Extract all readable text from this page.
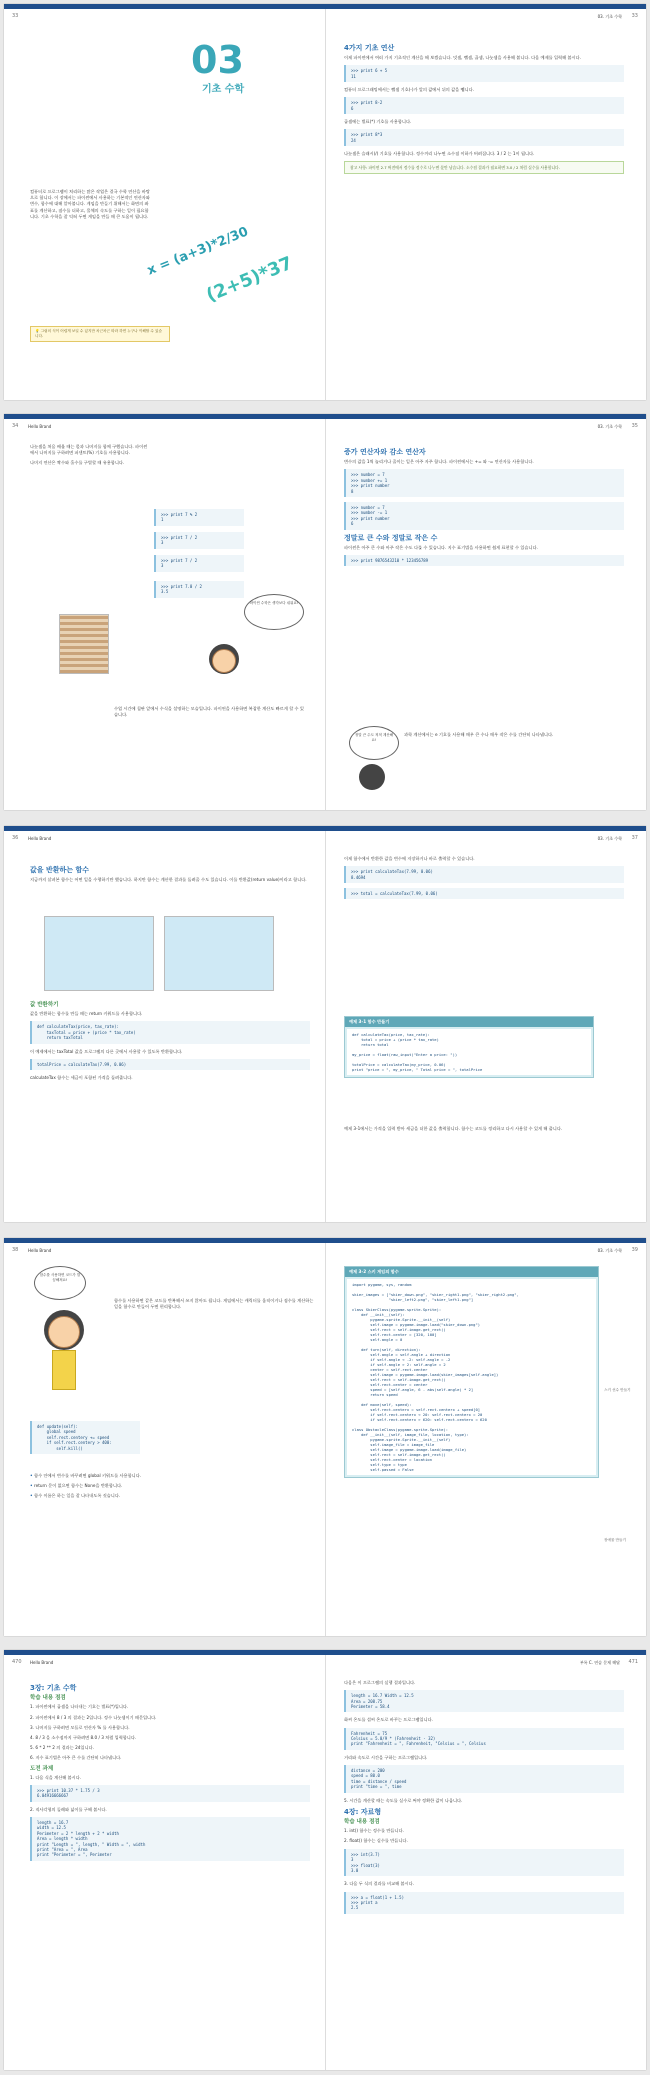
33	03. 기초 수학 33
03
기초 수학
x = (a+3)*2/30
(2+5)*37

컴퓨터로 프로그램이 처리하는 많은 작업은 결국 수학 연산을 바탕으로 합니다. 이 장에서는 파이썬에서 사용하는 기본적인 연산자와 변수, 함수에 대해 알아봅니다. 게임을 만들기 위해서는 화면의 좌표를 계산하고, 점수를 더하고, 물체의 속도를 구하는 일이 필요합니다. 기초 수학을 잘 익혀 두면 게임을 만들 때 큰 도움이 됩니다.

💡 그림의 식이 어렵게 보일 수 있지만 차근차근 따라 하면 누구나 이해할 수 있습니다.
4가지 기초 연산

이제 파이썬에서 여러 가지 기초적인 계산을 해 보겠습니다. 덧셈, 뺄셈, 곱셈, 나눗셈을 사용해 봅니다. 다음 예제를 입력해 봅시다.

>>> print 6 + 5
11

컴퓨터 프로그래밍에서는 뺄셈 기호(-)가 앞의 값에서 뒤의 값을 뺍니다.

>>> print 8-2
6

곱셈에는 별표(*) 기호를 사용합니다.

>>> print 8*3
24

나눗셈은 슬래시(/) 기호를 사용합니다. 정수끼리 나누면 소수점 이하가 버려집니다. 3 / 2 는 1이 됩니다.

참고 사항: 파이썬 2.7 버전에서 정수를 정수로 나누면 몫만 남습니다. 소수점 결과가 필요하면 3.0 / 2 처럼 실수를 사용합니다.
34 Hello Brand	03. 기초 수학 35

나눗셈을 처음 배울 때는 몫과 나머지를 함께 구했습니다. 파이썬에서 나머지를 구하려면 퍼센트(%) 기호를 사용합니다.

나머지 연산은 짝수와 홀수를 구별할 때 유용합니다.

>>> print 7 % 2
1
>>> print 7 / 2
3
>>> print 7 / 2
3
>>> print 7.0 / 2
3.5
파이썬 수학은 생각보다 쉬워요!

수업 시간에 칠판 앞에서 수식을 설명하는 모습입니다. 파이썬을 사용하면 복잡한 계산도 빠르게 할 수 있습니다.

증가 연산자와 감소 연산자

변수의 값을 1씩 늘리거나 줄이는 일은 아주 자주 합니다. 파이썬에서는 += 와 -= 연산자를 사용합니다.

>>> number = 7
>>> number += 1
>>> print number
8
>>> number = 7
>>> number -= 1
>>> print number
6
정말로 큰 수와 정말로 작은 수

파이썬은 아주 큰 수와 아주 작은 수도 다룰 수 있습니다. 지수 표기법을 사용하면 쉽게 표현할 수 있습니다.

>>> print 9876543210 * 123456789
정말 큰 수도 척척 계산해요!

과학 계산에서는 e 기호를 사용해 매우 큰 수나 매우 작은 수를 간단히 나타냅니다.

36 Hello Brand	03. 기초 수학 37
값을 반환하는 함수

지금까지 살펴본 함수는 어떤 일을 수행하기만 했습니다. 하지만 함수는 계산한 결과를 돌려줄 수도 있습니다. 이를 반환값(return value)이라고 합니다.

값 반환하기

값을 반환하는 함수를 만들 때는 return 키워드를 사용합니다.

def calculateTax(price, tax_rate):
taxTotal = price + (price * tax_rate)
return taxTotal

이 예제에서는 taxTotal 값을 프로그램의 다른 곳에서 사용할 수 있도록 반환합니다.

totalPrice = calculateTax(7.99, 0.06)

calculateTax 함수는 세금이 포함된 가격을 돌려줍니다.

이제 함수에서 반환한 값을 변수에 저장하거나 바로 출력할 수 있습니다.

>>> print calculateTax(7.99, 0.06)
8.4694
>>> total = calculateTax(7.99, 0.06)
예제 3-1 함수 만들기
def calculateTax(price, tax_rate):
total = price + (price * tax_rate)
return total

my_price = float(raw_input("Enter a price: "))

totalPrice = calculateTax(my_price, 0.06)
print "price = ", my_price, " Total price = ", totalPrice

예제 3-1에서는 가격을 입력 받아 세금을 더한 값을 출력합니다. 함수는 코드를 정리하고 다시 사용할 수 있게 해 줍니다.

38 Hello Brand	03. 기초 수학 39
함수를 사용하면 코드가 깔끔해져요!

함수를 사용하면 같은 코드를 반복해서 쓰지 않아도 됩니다. 게임에서는 캐릭터를 움직이거나 점수를 계산하는 일을 함수로 만들어 두면 편리합니다.

def update(self):
global speed
self.rect.centery += speed
if self.rect.centery > 400:
self.kill()

• 함수 안에서 변수를 바꾸려면 global 키워드를 사용합니다.

• return 문이 없으면 함수는 None을 반환합니다.

• 함수 이름은 하는 일을 잘 나타내도록 짓습니다.

예제 3-2 스키 게임의 함수
import pygame, sys, random

skier_images = ["skier_down.png", "skier_right1.png", "skier_right2.png",
"skier_left2.png", "skier_left1.png"]

class SkierClass(pygame.sprite.Sprite):
def __init__(self):
pygame.sprite.Sprite.__init__(self)
self.image = pygame.image.load("skier_down.png")
self.rect = self.image.get_rect()
self.rect.center = [320, 100]
self.angle = 0

def turn(self, direction):
self.angle = self.angle + direction
if self.angle < -2: self.angle = -2
if self.angle > 2: self.angle = 2
center = self.rect.center
self.image = pygame.image.load(skier_images[self.angle])
self.rect = self.image.get_rect()
self.rect.center = center
speed = [self.angle, 6 - abs(self.angle) * 2]
return speed

def move(self, speed):
self.rect.centerx = self.rect.centerx + speed[0]
if self.rect.centerx < 20: self.rect.centerx = 20
if self.rect.centerx > 620: self.rect.centerx = 620

class ObstacleClass(pygame.sprite.Sprite):
def __init__(self, image_file, location, type):
pygame.sprite.Sprite.__init__(self)
self.image_file = image_file
self.image = pygame.image.load(image_file)
self.rect = self.image.get_rect()
self.rect.center = location
self.type = type
self.passed = False
스키 선수 만들기
장애물 만들기
470 Hello Brand	부록 C. 연습 문제 해답 471
3장: 기초 수학
학습 내용 점검

1. 파이썬에서 곱셈을 나타내는 기호는 별표(*)입니다.

2. 파이썬에서 8 / 3 의 결과는 2입니다. 정수 나눗셈이기 때문입니다.

3. 나머지를 구하려면 모듈로 연산자 % 를 사용합니다.

4. 8 / 3 을 소수점까지 구하려면 8.0 / 3 처럼 입력합니다.

5. 6 * 2 ** 2 의 결과는 24입니다.

6. 지수 표기법은 아주 큰 수를 간단히 나타냅니다.

도전 과제

1. 다음 식을 계산해 봅시다.

>>> print 10.37 * 1.75 / 3
6.04916666667

2. 직사각형의 둘레와 넓이를 구해 봅시다.

length = 16.7
width = 12.5
Perimeter = 2 * length + 2 * width
Area = length * width
print "Length = ", length, " Width = ", width
print "Area = ", Area
print "Perimeter = ", Perimeter

다음은 이 프로그램의 실행 결과입니다.

length = 16.7 Width = 12.5
Area = 208.75
Perimeter = 58.4

화씨 온도를 섭씨 온도로 바꾸는 프로그램입니다.

Fahrenheit = 75
Celsius = 5.0/9 * (Fahrenheit - 32)
print "Fahrenheit = ", Fahrenheit, "Celsius = ", Celsius

거리와 속도로 시간을 구하는 프로그램입니다.

distance = 200
speed = 80.0
time = distance / speed
print "time = ", time

5. 시간을 계산할 때는 속도를 실수로 써야 정확한 값이 나옵니다.

4장: 자료형
학습 내용 점검

1. int() 함수는 정수를 만듭니다.

2. float() 함수는 실수를 만듭니다.

>>> int(3.7)
3
>>> float(3)
3.0

3. 다음 두 식의 결과를 비교해 봅시다.

>>> a = float(1 + 1.5)
>>> print a
2.5
